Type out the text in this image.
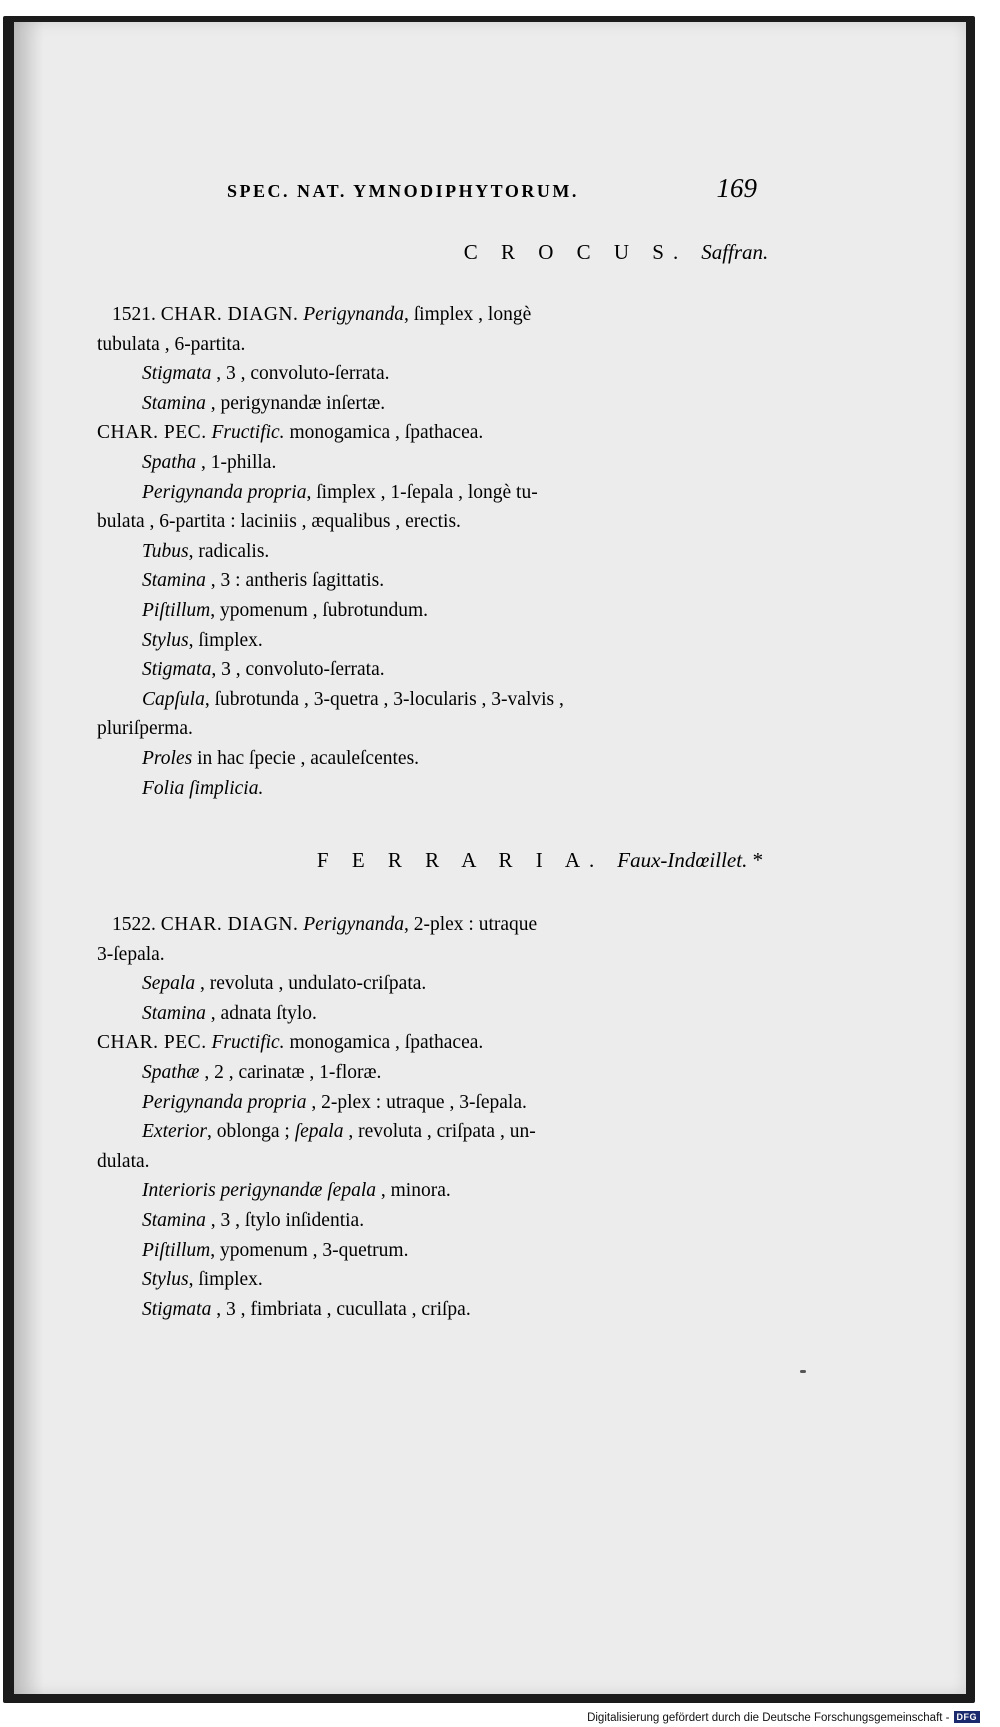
SPEC. NAT. YMNODIPHYTORUM.	169
C R O C U S. Saffran.
1521. CHAR. DIAGN. Perigynanda, ſimplex , longè
tubulata , 6-partita.
Stigmata , 3 , convoluto-ſerrata.
Stamina , perigynandæ inſertæ.
CHAR. PEC. Fructific. monogamica , ſpathacea.
Spatha , 1-philla.
Perigynanda propria, ſimplex , 1-ſepala , longè tu-
bulata , 6-partita : laciniis , æqualibus , erectis.
Tubus, radicalis.
Stamina , 3 : antheris ſagittatis.
Piſtillum, ypomenum , ſubrotundum.
Stylus, ſimplex.
Stigmata, 3 , convoluto-ſerrata.
Capſula, ſubrotunda , 3-quetra , 3-locularis , 3-valvis ,
pluriſperma.
Proles in hac ſpecie , acauleſcentes.
Folia ſimplicia.
F E R R A R I A. Faux-Indœillet. *
1522. CHAR. DIAGN. Perigynanda, 2-plex : utraque
3-ſepala.
Sepala , revoluta , undulato-criſpata.
Stamina , adnata ſtylo.
CHAR. PEC. Fructific. monogamica , ſpathacea.
Spathæ , 2 , carinatæ , 1-floræ.
Perigynanda propria , 2-plex : utraque , 3-ſepala.
Exterior, oblonga ; ſepala , revoluta , criſpata , un-
dulata.
Interioris perigynandæ ſepala , minora.
Stamina , 3 , ſtylo inſidentia.
Piſtillum, ypomenum , 3-quetrum.
Stylus, ſimplex.
Stigmata , 3 , fimbriata , cucullata , criſpa.
Digitalisierung gefördert durch die Deutsche Forschungsgemeinschaft - DFG
